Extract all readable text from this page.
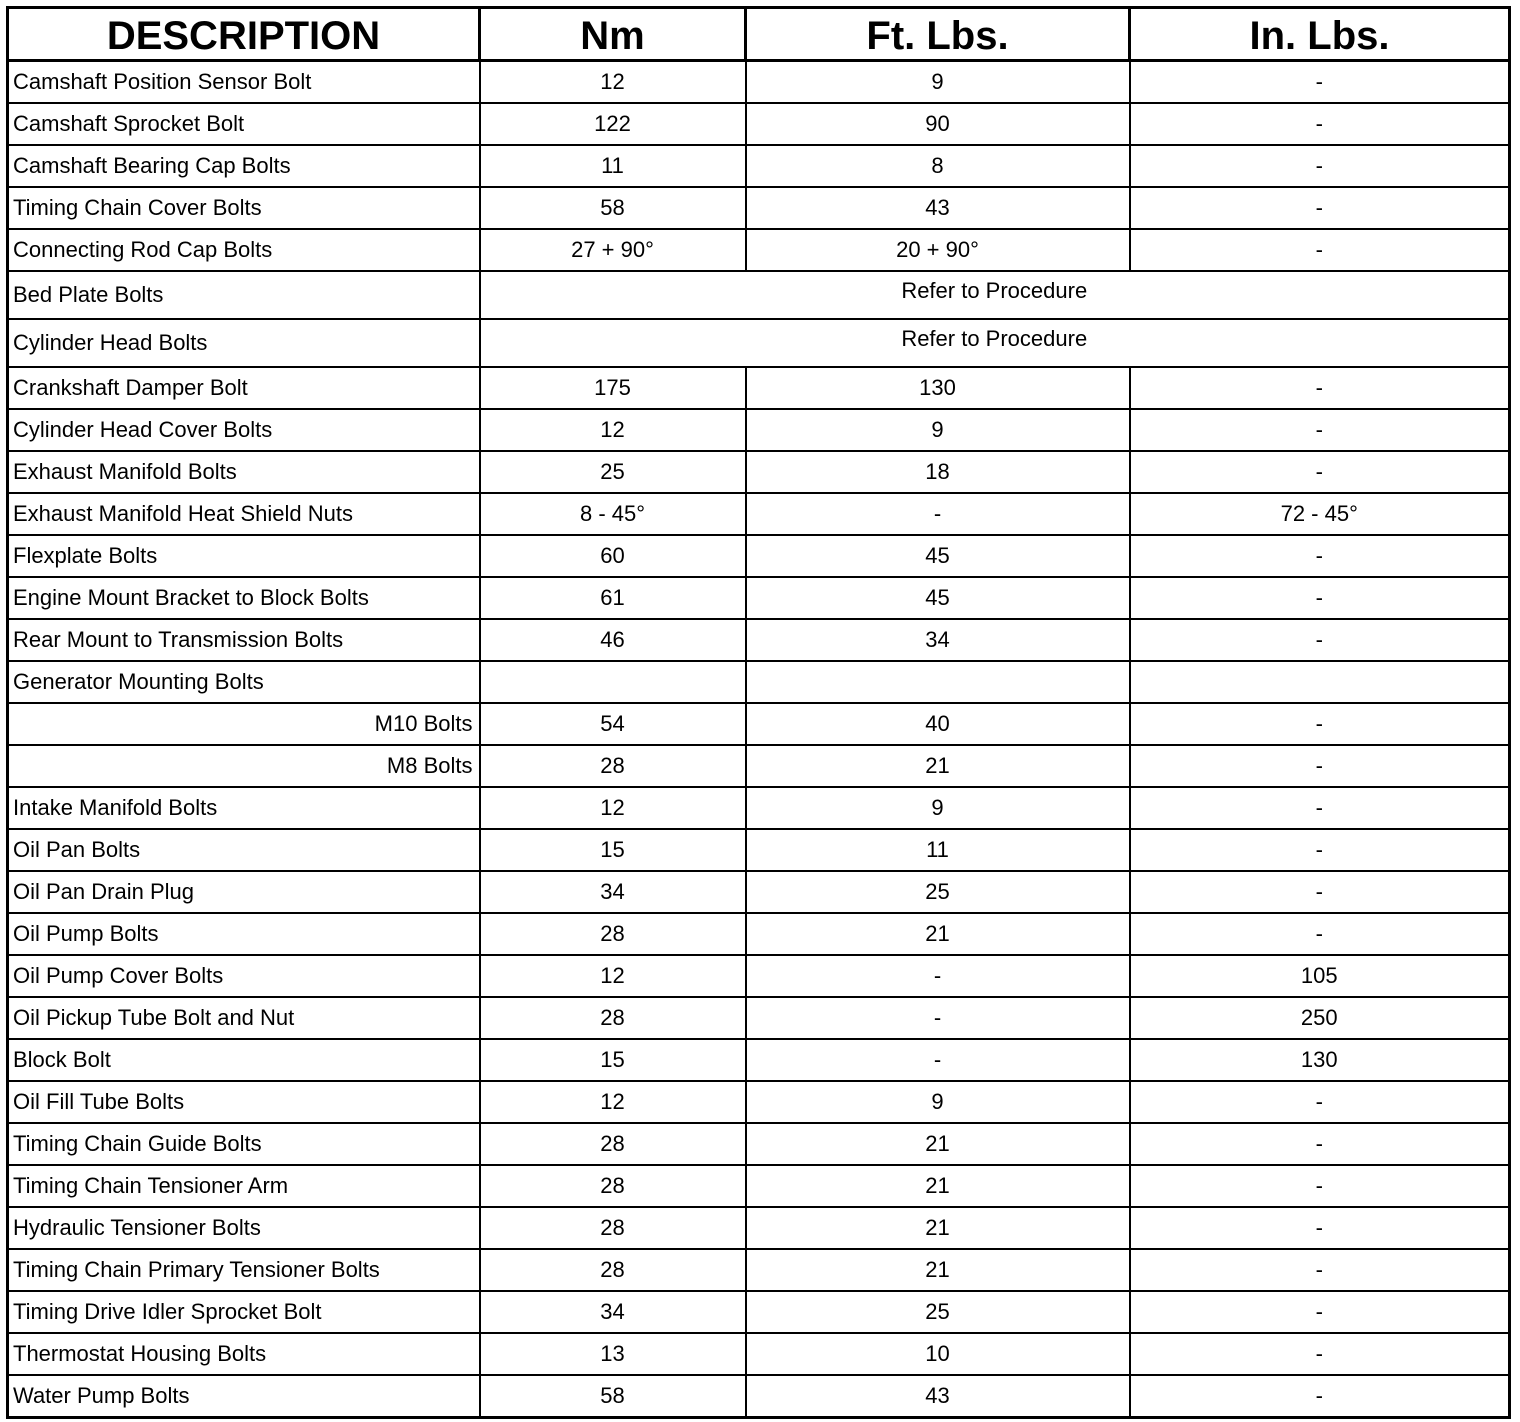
DESCRIPTION	Nm	Ft. Lbs.	In. Lbs.
Camshaft Position Sensor Bolt	12	9	-
Camshaft Sprocket Bolt	122	90	-
Camshaft Bearing Cap Bolts	11	8	-
Timing Chain Cover Bolts	58	43	-
Connecting Rod Cap Bolts	27 + 90°	20 + 90°	-
Bed Plate Bolts	Refer to Procedure		
Cylinder Head Bolts	Refer to Procedure		
Crankshaft Damper Bolt	175	130	-
Cylinder Head Cover Bolts	12	9	-
Exhaust Manifold Bolts	25	18	-
Exhaust Manifold Heat Shield Nuts	8 - 45°	-	72 - 45°
Flexplate Bolts	60	45	-
Engine Mount Bracket to Block Bolts	61	45	-
Rear Mount to Transmission Bolts	46	34	-
Generator Mounting Bolts			
M10 Bolts	54	40	-
M8 Bolts	28	21	-
Intake Manifold Bolts	12	9	-
Oil Pan Bolts	15	11	-
Oil Pan Drain Plug	34	25	-
Oil Pump Bolts	28	21	-
Oil Pump Cover Bolts	12	-	105
Oil Pickup Tube Bolt and Nut	28	-	250
Block Bolt	15	-	130
Oil Fill Tube Bolts	12	9	-
Timing Chain Guide Bolts	28	21	-
Timing Chain Tensioner Arm	28	21	-
Hydraulic Tensioner Bolts	28	21	-
Timing Chain Primary Tensioner Bolts	28	21	-
Timing Drive Idler Sprocket Bolt	34	25	-
Thermostat Housing Bolts	13	10	-
Water Pump Bolts	58	43	-
